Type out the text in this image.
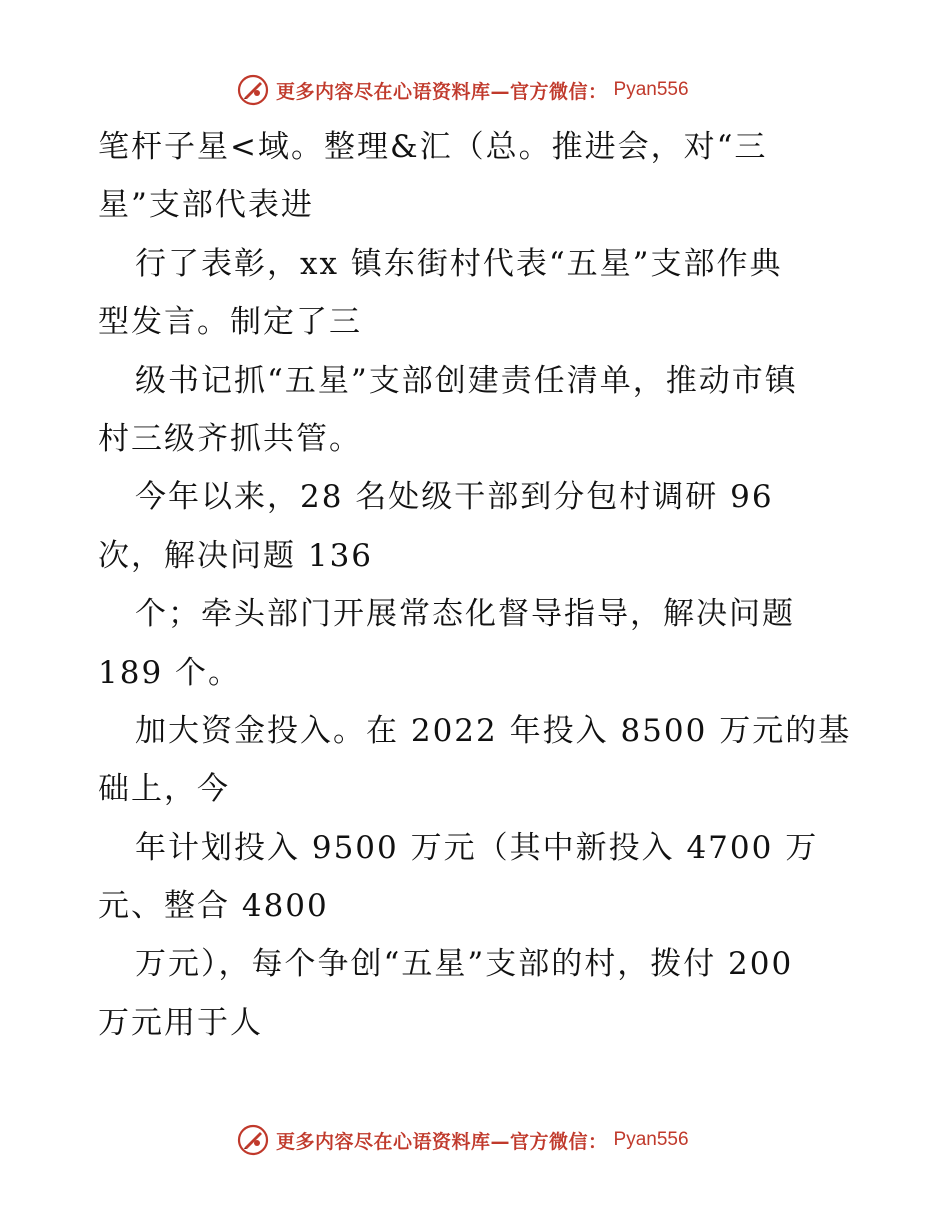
更多内容尽在心语资料库—官方微信： Pyan556
笔杆子星<域。整理&汇（总。推进会，对“三
星”支部代表进
行了表彰，xx 镇东街村代表“五星”支部作典
型发言。制定了三
级书记抓“五星”支部创建责任清单，推动市镇
村三级齐抓共管。
今年以来，28 名处级干部到分包村调研 96
次，解决问题 136
个；牵头部门开展常态化督导指导，解决问题
189 个。
加大资金投入。在 2022 年投入 8500 万元的基
础上，今
年计划投入 9500 万元（其中新投入 4700 万
元、整合 4800
万元），每个争创“五星”支部的村，拨付 200
万元用于人
更多内容尽在心语资料库—官方微信： Pyan556
